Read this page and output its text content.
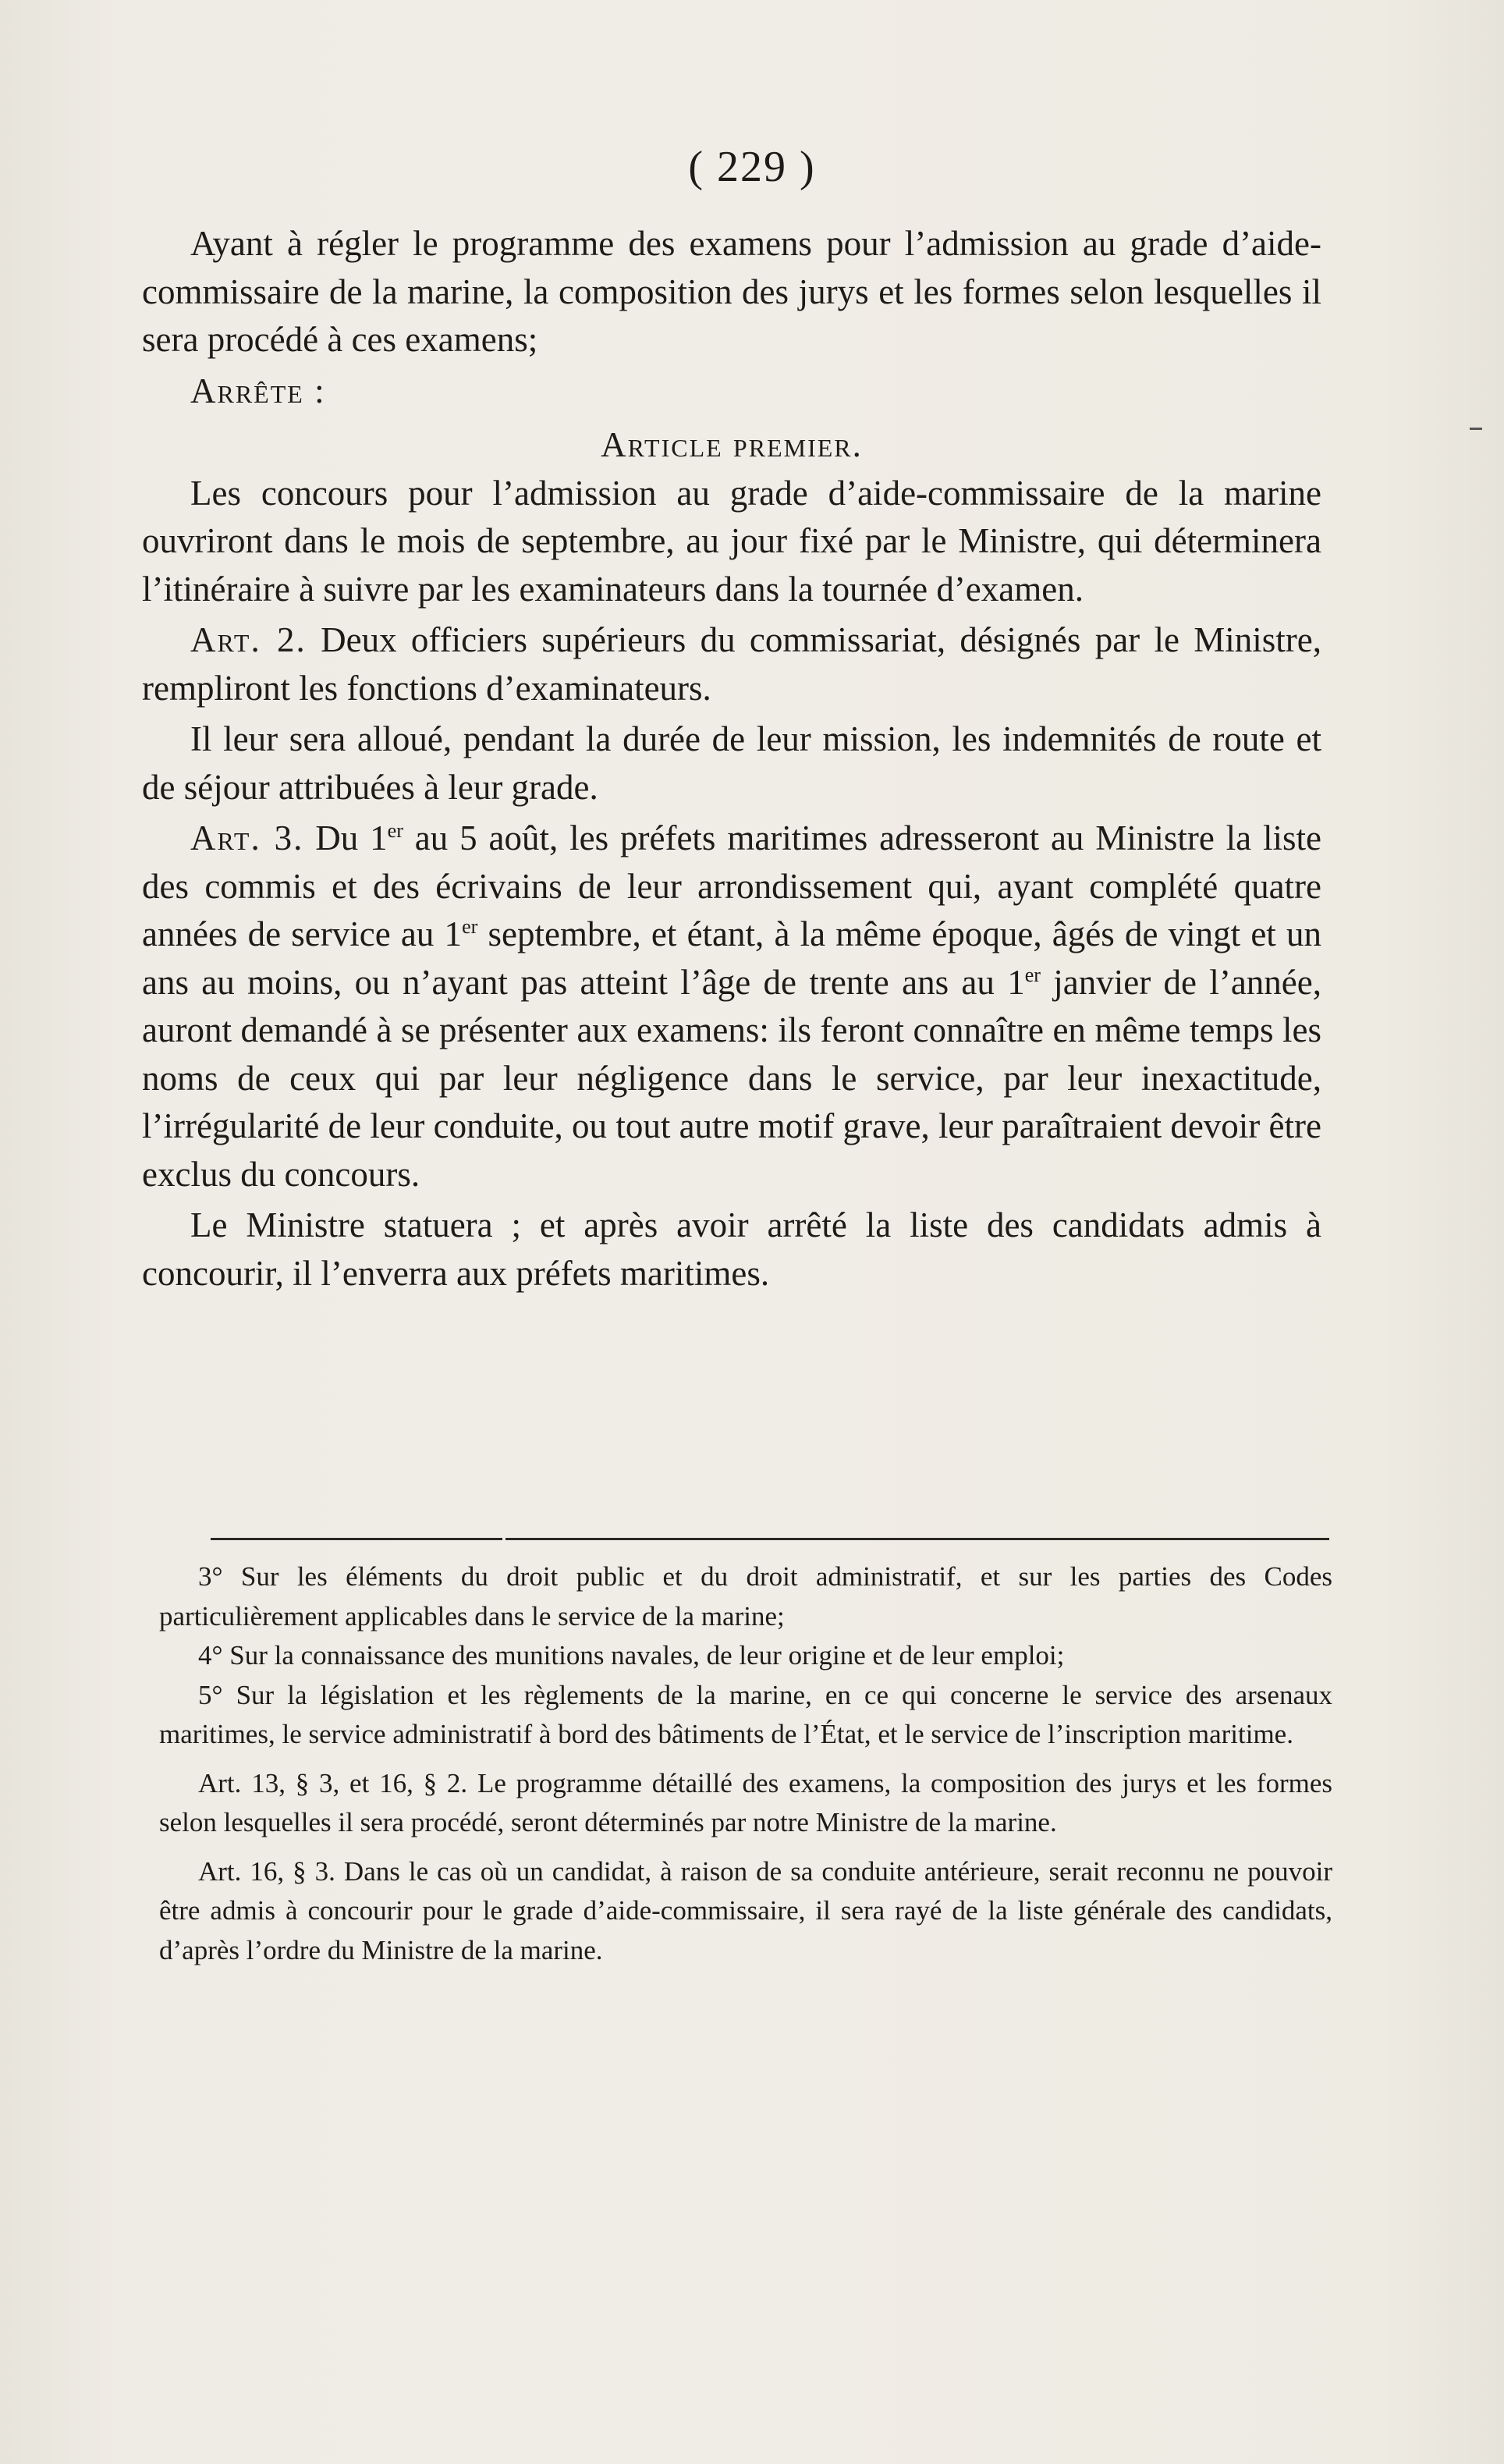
( 229 )

Ayant à régler le programme des examens pour l’admission au grade d’aide-commissaire de la marine, la composition des jurys et les formes selon lesquelles il sera procédé à ces examens;

Arrête :

Article premier.

Les concours pour l’admission au grade d’aide-commissaire de la marine ouvriront dans le mois de septembre, au jour fixé par le Ministre, qui déterminera l’itinéraire à suivre par les examinateurs dans la tournée d’examen.

Art. 2. Deux officiers supérieurs du commissariat, désignés par le Ministre, rempliront les fonctions d’examinateurs.

Il leur sera alloué, pendant la durée de leur mission, les indemnités de route et de séjour attribuées à leur grade.

Art. 3. Du 1er au 5 août, les préfets maritimes adresseront au Ministre la liste des commis et des écrivains de leur arrondissement qui, ayant complété quatre années de service au 1er septembre, et étant, à la même époque, âgés de vingt et un ans au moins, ou n’ayant pas atteint l’âge de trente ans au 1er janvier de l’année, auront demandé à se présenter aux examens: ils feront connaître en même temps les noms de ceux qui par leur négligence dans le service, par leur inexactitude, l’irrégularité de leur conduite, ou tout autre motif grave, leur paraîtraient devoir être exclus du concours.

Le Ministre statuera ; et après avoir arrêté la liste des candidats admis à concourir, il l’enverra aux préfets maritimes.

3° Sur les éléments du droit public et du droit administratif, et sur les parties des Codes particulièrement applicables dans le service de la marine;

4° Sur la connaissance des munitions navales, de leur origine et de leur emploi;

5° Sur la législation et les règlements de la marine, en ce qui concerne le service des arsenaux maritimes, le service administratif à bord des bâtiments de l’État, et le service de l’inscription maritime.

Art. 13, § 3, et 16, § 2. Le programme détaillé des examens, la composition des jurys et les formes selon lesquelles il sera procédé, seront déterminés par notre Ministre de la marine.

Art. 16, § 3. Dans le cas où un candidat, à raison de sa conduite antérieure, serait reconnu ne pouvoir être admis à concourir pour le grade d’aide-commissaire, il sera rayé de la liste générale des candidats, d’après l’ordre du Ministre de la marine.
